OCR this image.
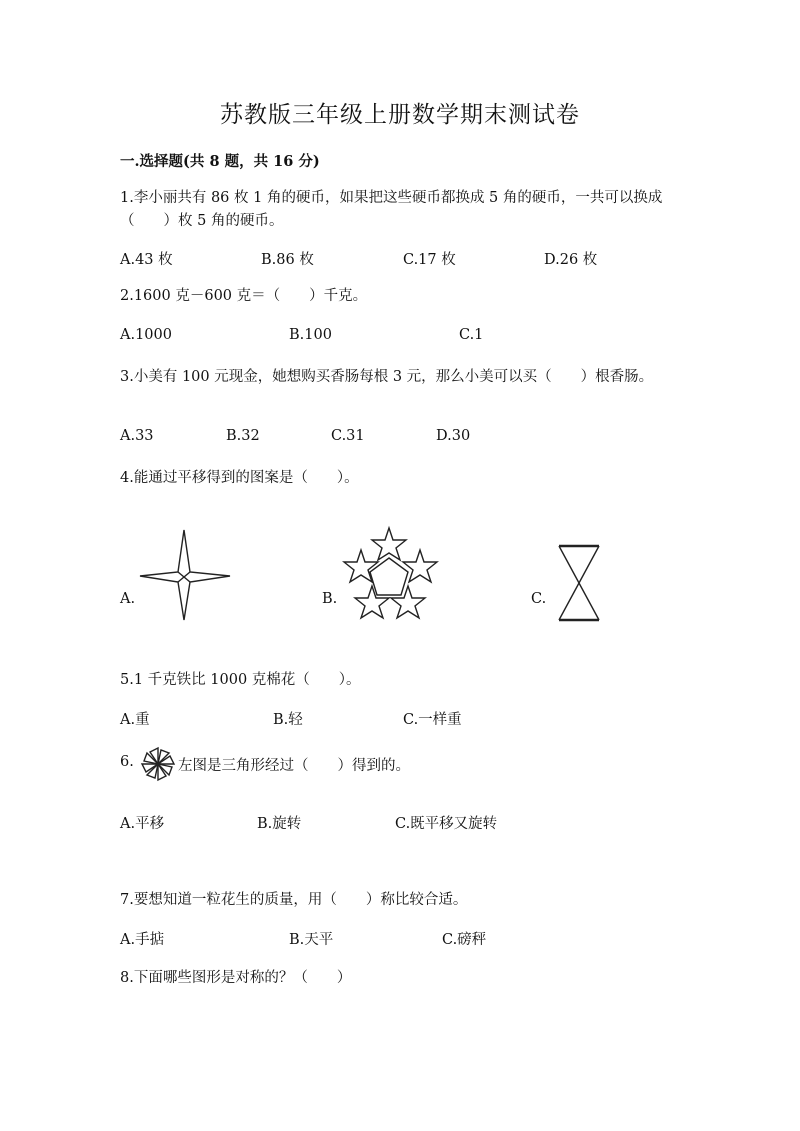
苏教版三年级上册数学期末测试卷
一.选择题(共 8 题，共 16 分)
1.李小丽共有 86 枚 1 角的硬币，如果把这些硬币都换成 5 角的硬币，一共可以换成（　　）枚 5 角的硬币。
A.43 枚	B.86 枚	C.17 枚	D.26 枚
2.1600 克－600 克＝（　　）千克。
A.1000	B.100	C.1
3.小美有 100 元现金，她想购买香肠每根 3 元，那么小美可以买（　　）根香肠。
A.33	B.32	C.31	D.30
4.能通过平移得到的图案是（　　）。
A.	B.	C.
5.1 千克铁比 1000 克棉花（　　）。
A.重	B.轻	C.一样重
6.	左图是三角形经过（　　）得到的。
A.平移	B.旋转	C.既平移又旋转
7.要想知道一粒花生的质量，用（　　）称比较合适。
A.手掂	B.天平	C.磅秤
8.下面哪些图形是对称的？（　　）
